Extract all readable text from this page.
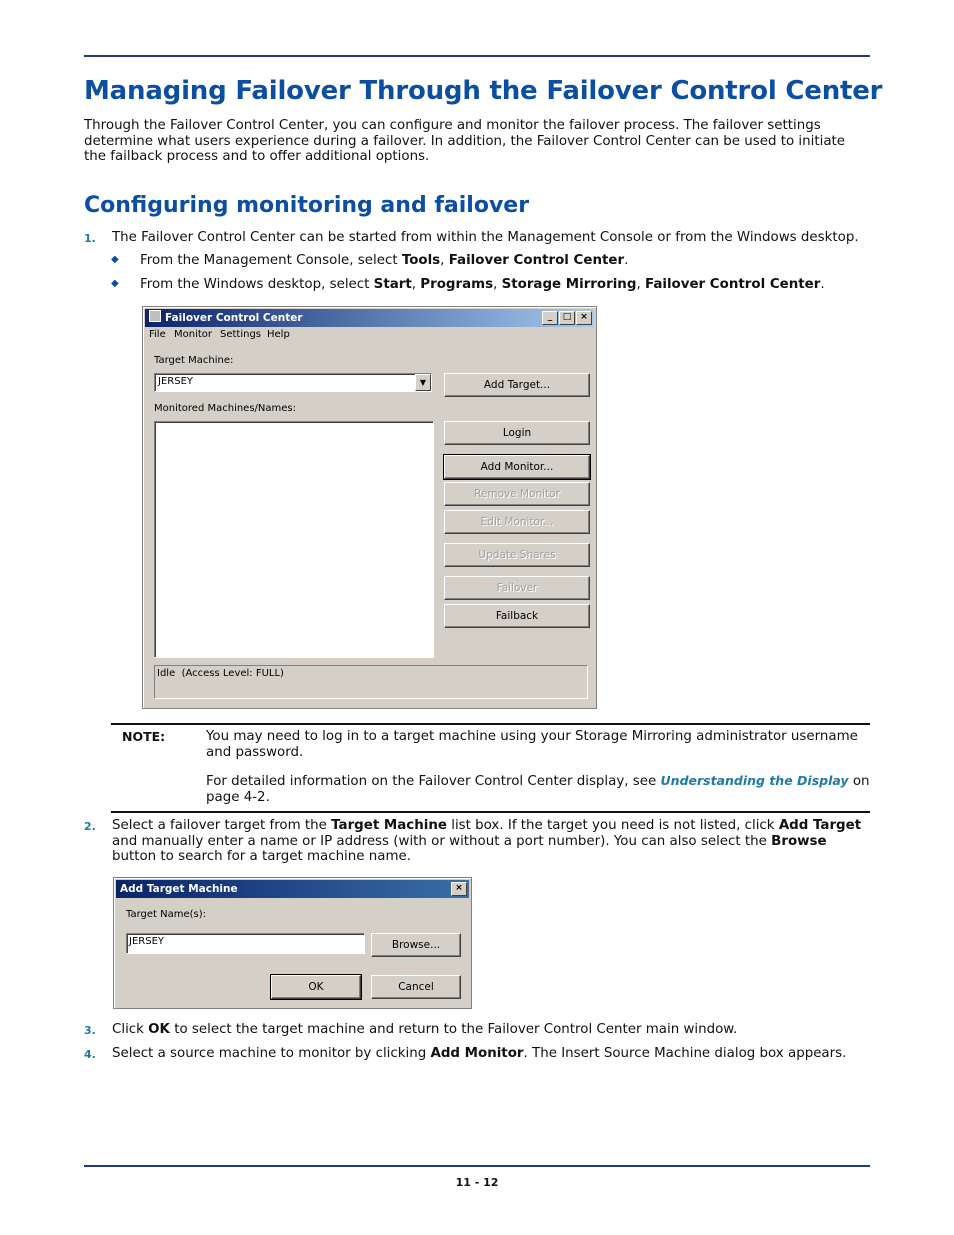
Managing Failover Through the Failover Control Center
Through the Failover Control Center, you can configure and monitor the failover process. The failover settings determine what users experience during a failover. In addition, the Failover Control Center can be used to initiate the failback process and to offer additional options.
Configuring monitoring and failover
1. The Failover Control Center can be started from within the Management Console or from the Windows desktop.
◆ From the Management Console, select Tools, Failover Control Center.
◆ From the Windows desktop, select Start, Programs, Storage Mirroring, Failover Control Center.
Failover Control Center	_	□ ×
File Monitor Settings Help
Target Machine:
JERSEY	▼	Add Target...
Monitored Machines/Names:
Login
Add Monitor...
Remove Monitor
Edit Monitor...
Update Shares
Failover
Failback
Idle  (Access Level: FULL)
NOTE:	You may need to log in to a target machine using your Storage Mirroring administrator username and password.
For detailed information on the Failover Control Center display, see Understanding the Display on page 4-2.
2. Select a failover target from the Target Machine list box. If the target you need is not listed, click Add Target and manually enter a name or IP address (with or without a port number). You can also select the Browse button to search for a target machine name.
Add Target Machine	×
Target Name(s):
JERSEY	Browse...
OK	Cancel
3. Click OK to select the target machine and return to the Failover Control Center main window.
4. Select a source machine to monitor by clicking Add Monitor. The Insert Source Machine dialog box appears.
11 - 12
